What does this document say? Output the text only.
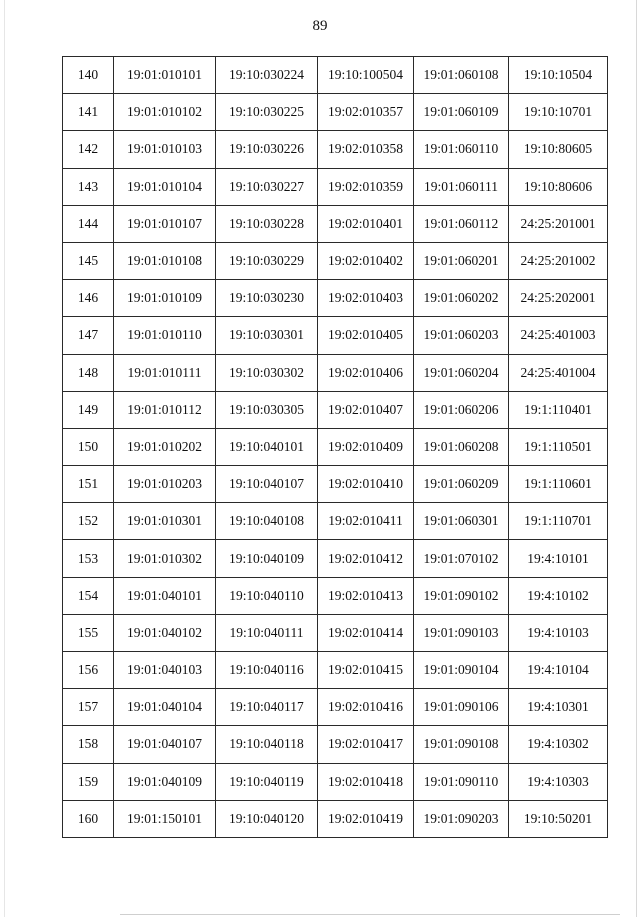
89
140	19:01:010101	19:10:030224	19:10:100504	19:01:060108	19:10:10504
141	19:01:010102	19:10:030225	19:02:010357	19:01:060109	19:10:10701
142	19:01:010103	19:10:030226	19:02:010358	19:01:060110	19:10:80605
143	19:01:010104	19:10:030227	19:02:010359	19:01:060111	19:10:80606
144	19:01:010107	19:10:030228	19:02:010401	19:01:060112	24:25:201001
145	19:01:010108	19:10:030229	19:02:010402	19:01:060201	24:25:201002
146	19:01:010109	19:10:030230	19:02:010403	19:01:060202	24:25:202001
147	19:01:010110	19:10:030301	19:02:010405	19:01:060203	24:25:401003
148	19:01:010111	19:10:030302	19:02:010406	19:01:060204	24:25:401004
149	19:01:010112	19:10:030305	19:02:010407	19:01:060206	19:1:110401
150	19:01:010202	19:10:040101	19:02:010409	19:01:060208	19:1:110501
151	19:01:010203	19:10:040107	19:02:010410	19:01:060209	19:1:110601
152	19:01:010301	19:10:040108	19:02:010411	19:01:060301	19:1:110701
153	19:01:010302	19:10:040109	19:02:010412	19:01:070102	19:4:10101
154	19:01:040101	19:10:040110	19:02:010413	19:01:090102	19:4:10102
155	19:01:040102	19:10:040111	19:02:010414	19:01:090103	19:4:10103
156	19:01:040103	19:10:040116	19:02:010415	19:01:090104	19:4:10104
157	19:01:040104	19:10:040117	19:02:010416	19:01:090106	19:4:10301
158	19:01:040107	19:10:040118	19:02:010417	19:01:090108	19:4:10302
159	19:01:040109	19:10:040119	19:02:010418	19:01:090110	19:4:10303
160	19:01:150101	19:10:040120	19:02:010419	19:01:090203	19:10:50201
